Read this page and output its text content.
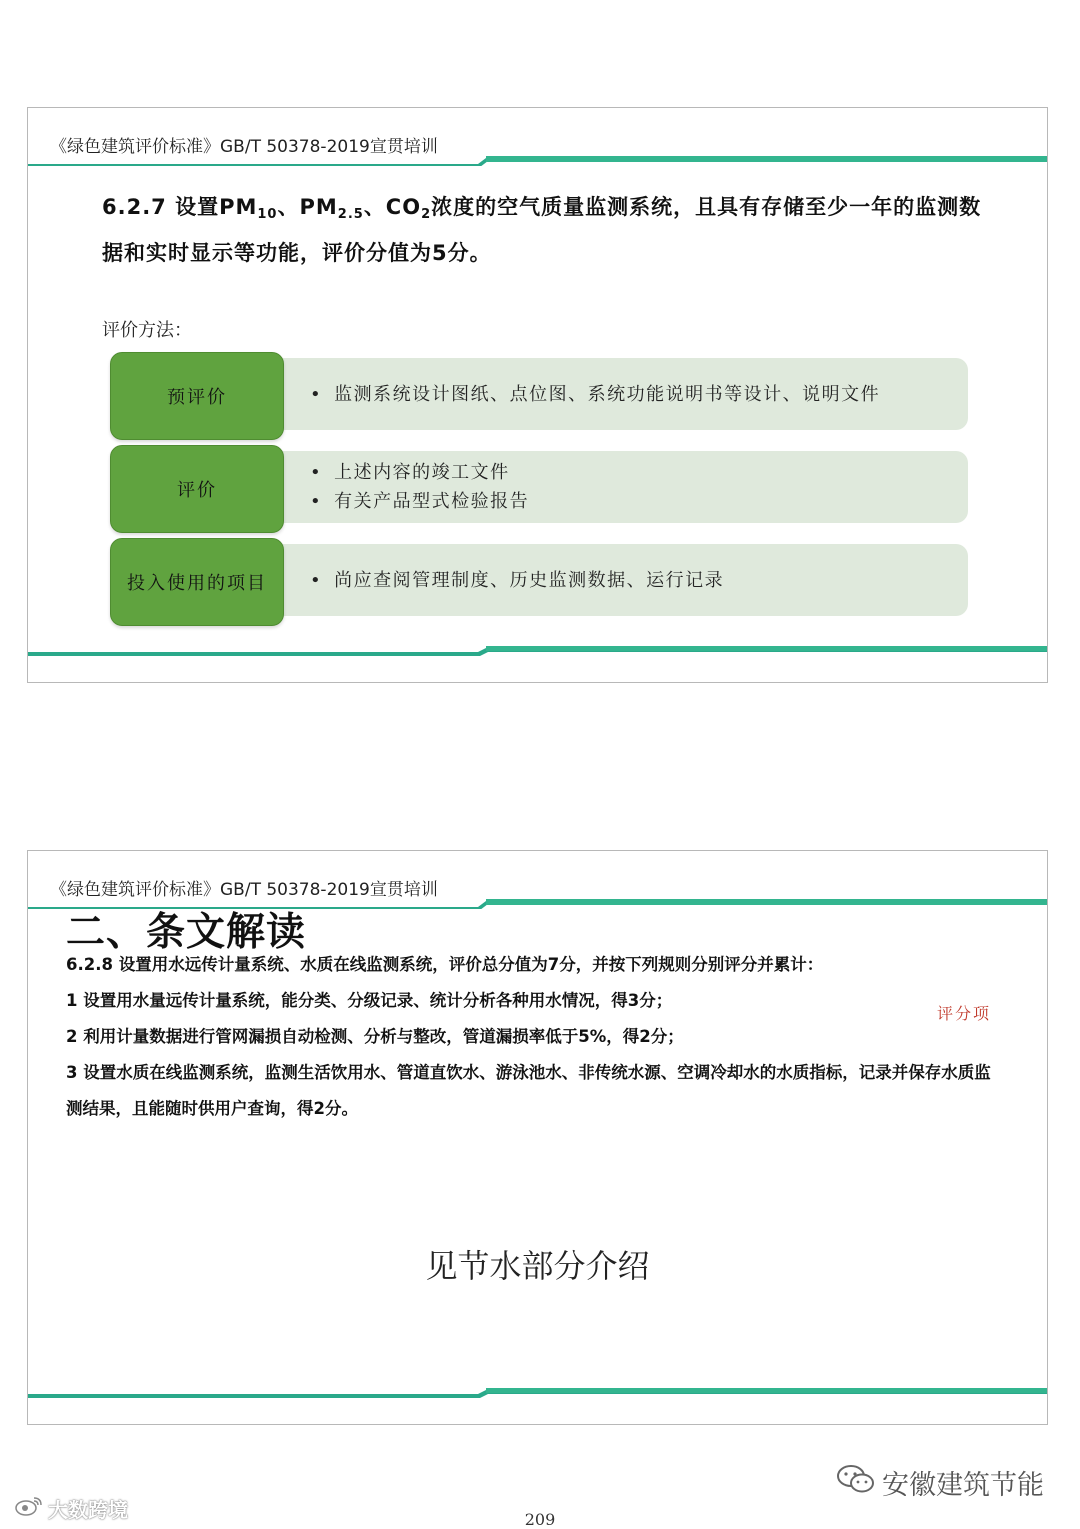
《绿色建筑评价标准》GB/T 50378-2019宣贯培训
6.2.7 设置$PM_{10}$、$PM_{2.5}$、$CO_2$浓度的空气质量监测系统，且具有存储至少一年的监测数据和实时显示等功能，评价分值为5分。
评价方法：
• 监测系统设计图纸、点位图、系统功能说明书等设计、说明文件
预评价
• 上述内容的竣工文件
• 有关产品型式检验报告
评价
• 尚应查阅管理制度、历史监测数据、运行记录
投入使用的项目
《绿色建筑评价标准》GB/T 50378-2019宣贯培训
二、条文解读

6.2.8 设置用水远传计量系统、水质在线监测系统，评价总分值为7分，并按下列规则分别评分并累计：

1 设置用水量远传计量系统，能分类、分级记录、统计分析各种用水情况，得3分；

2 利用计量数据进行管网漏损自动检测、分析与整改，管道漏损率低于5%，得2分；

3 设置水质在线监测系统，监测生活饮用水、管道直饮水、游泳池水、非传统水源、空调冷却水的水质指标，记录并保存水质监测结果，且能随时供用户查询，得2分。

评分项
见节水部分介绍
安徽建筑节能
大数跨境	209
